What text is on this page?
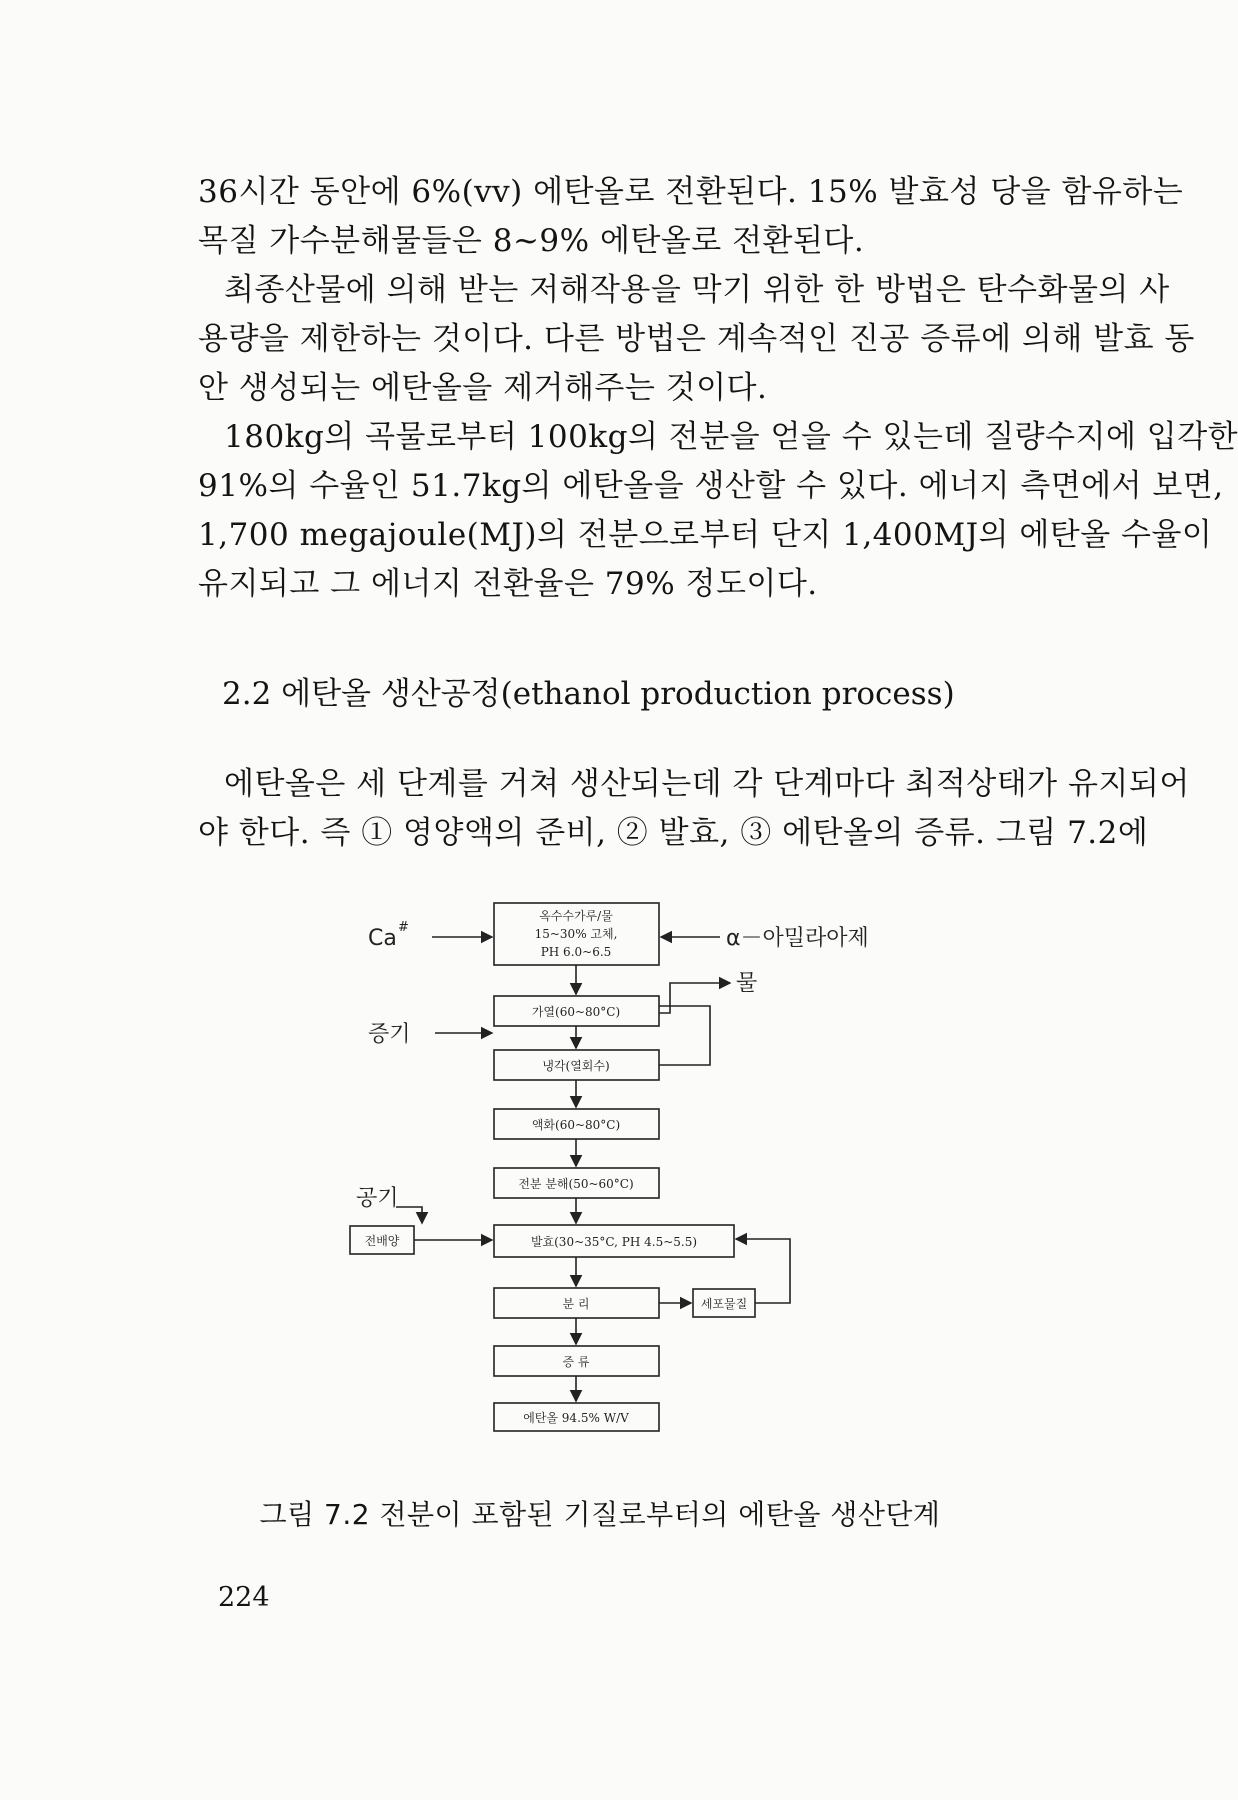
36시간 동안에 6%(vv) 에탄올로 전환된다. 15% 발효성 당을 함유하는
목질 가수분해물들은 8~9% 에탄올로 전환된다.

최종산물에 의해 받는 저해작용을 막기 위한 한 방법은 탄수화물의 사
용량을 제한하는 것이다. 다른 방법은 계속적인 진공 증류에 의해 발효 동
안 생성되는 에탄올을 제거해주는 것이다.

180kg의 곡물로부터 100kg의 전분을 얻을 수 있는데 질량수지에 입각한
91%의 수율인 51.7kg의 에탄올을 생산할 수 있다. 에너지 측면에서 보면,
1,700 megajoule(MJ)의 전분으로부터 단지 1,400MJ의 에탄올 수율이
유지되고 그 에너지 전환율은 79% 정도이다.

2.2 에탄올 생산공정(ethanol production process)

에탄올은 세 단계를 거쳐 생산되는데 각 단계마다 최적상태가 유지되어
야 한다. 즉 ① 영양액의 준비, ② 발효, ③ 에탄올의 증류. 그림 7.2에

옥수수가루/물
15~30% 고체,
PH 6.0~6.5
가열(60~80°C)
냉각(열회수)
액화(60~80°C)
전분 분해(50~60°C)
발효(30~35°C, PH 4.5~5.5)
분 리
증 류
에탄올 94.5% W/V
전배양
세포물질
Ca #	α－아밀라아제
물
증기
공기

그림 7.2 전분이 포함된 기질로부터의 에탄올 생산단계

224
